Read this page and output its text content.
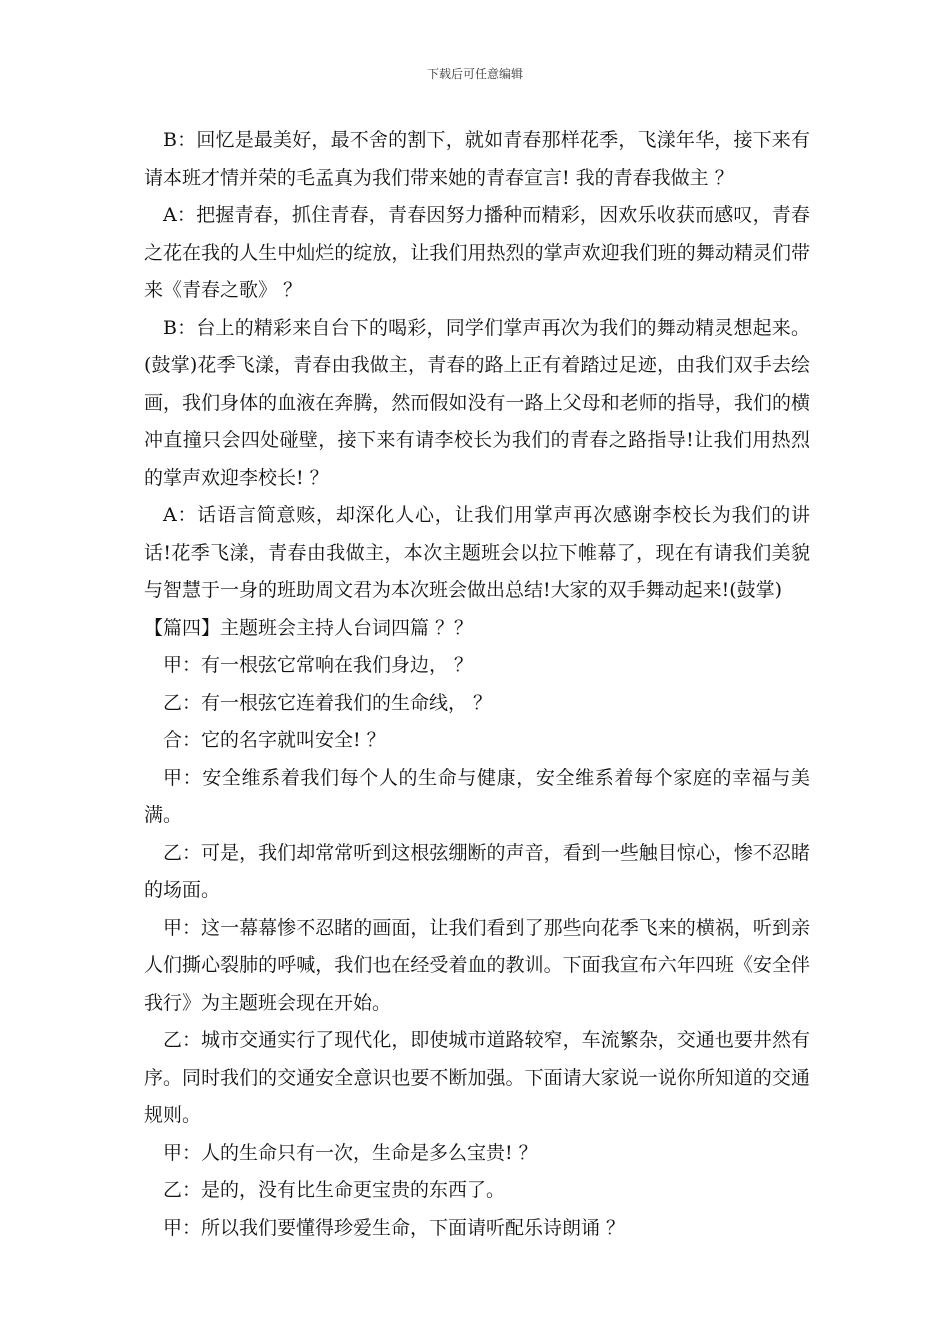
下载后可任意编辑

B：回忆是最美好，最不舍的割下，就如青春那样花季，飞漾年华，接下来有请本班才情并荣的毛孟真为我们带来她的青春宣言! 我的青春我做主 ？

A：把握青春，抓住青春，青春因努力播种而精彩，因欢乐收获而感叹，青春之花在我的人生中灿烂的绽放，让我们用热烈的掌声欢迎我们班的舞动精灵们带来《青春之歌》 ？

B：台上的精彩来自台下的喝彩，同学们掌声再次为我们的舞动精灵想起来。(鼓掌)花季飞漾，青春由我做主，青春的路上正有着踏过足迹，由我们双手去绘画，我们身体的血液在奔腾，然而假如没有一路上父母和老师的指导，我们的横冲直撞只会四处碰壁，接下来有请李校长为我们的青春之路指导!让我们用热烈的掌声欢迎李校长! ？

A：话语言简意赅，却深化人心，让我们用掌声再次感谢李校长为我们的讲话!花季飞漾，青春由我做主，本次主题班会以拉下帷幕了，现在有请我们美貌与智慧于一身的班助周文君为本次班会做出总结!大家的双手舞动起来!(鼓掌)

【篇四】主题班会主持人台词四篇 ？？

甲：有一根弦它常响在我们身边， ？

乙：有一根弦它连着我们的生命线， ？

合：它的名字就叫安全! ？

甲：安全维系着我们每个人的生命与健康，安全维系着每个家庭的幸福与美满。

乙：可是，我们却常常听到这根弦绷断的声音，看到一些触目惊心，惨不忍睹的场面。

甲：这一幕幕惨不忍睹的画面，让我们看到了那些向花季飞来的横祸，听到亲人们撕心裂肺的呼喊，我们也在经受着血的教训。下面我宣布六年四班《安全伴我行》为主题班会现在开始。

乙：城市交通实行了现代化，即使城市道路较窄，车流繁杂，交通也要井然有序。同时我们的交通安全意识也要不断加强。下面请大家说一说你所知道的交通规则。

甲：人的生命只有一次，生命是多么宝贵! ？

乙：是的，没有比生命更宝贵的东西了。

甲：所以我们要懂得珍爱生命，下面请听配乐诗朗诵 ？
